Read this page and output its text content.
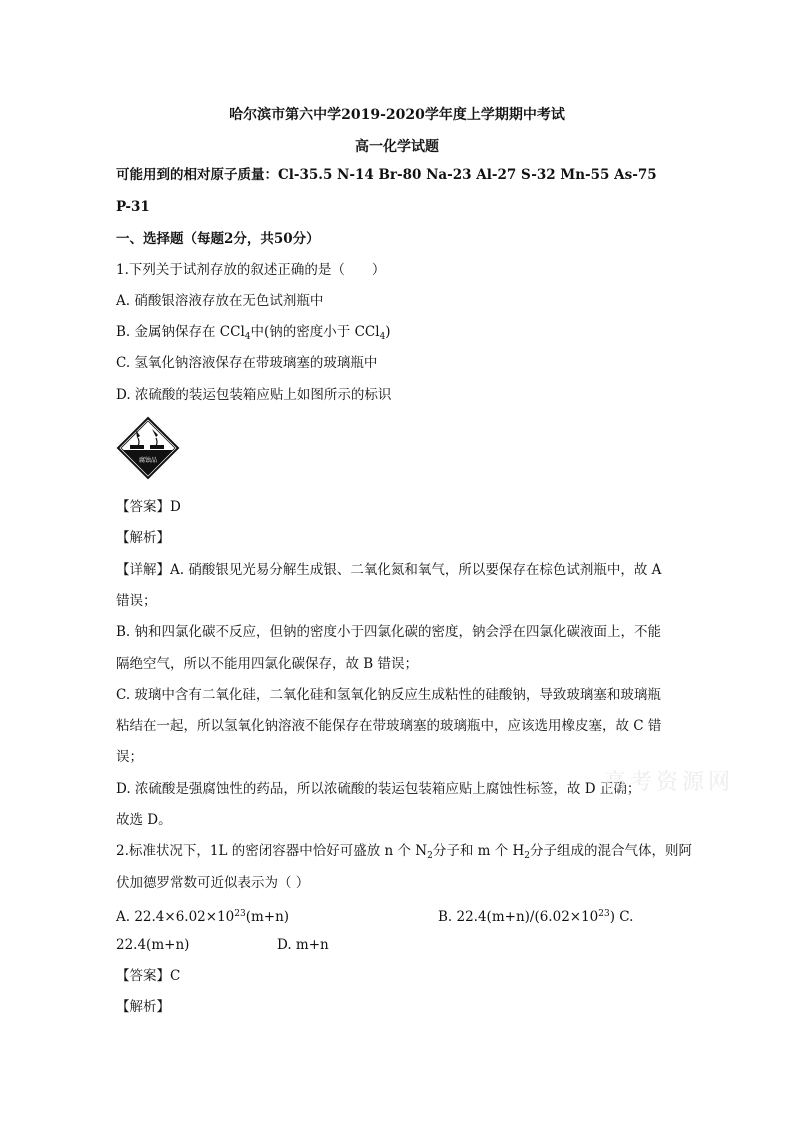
哈尔滨市第六中学2019-2020学年度上学期期中考试
高一化学试题
可能用到的相对原子质量：Cl-35.5 N-14 Br-80 Na-23 Al-27 S-32 Mn-55 As-75
P-31
一、选择题（每题2分，共50分）
1.下列关于试剂存放的叙述正确的是（　　）
A. 硝酸银溶液存放在无色试剂瓶中
B. 金属钠保存在 CCl$_4$中(钠的密度小于 CCl$_4$)
C. 氢氧化钠溶液保存在带玻璃塞的玻璃瓶中
D. 浓硫酸的装运包装箱应贴上如图所示的标识
腐蚀品
【答案】D
【解析】
【详解】A. 硝酸银见光易分解生成银、二氧化氮和氧气，所以要保存在棕色试剂瓶中，故 A
错误；
B. 钠和四氯化碳不反应，但钠的密度小于四氯化碳的密度，钠会浮在四氯化碳液面上，不能
隔绝空气，所以不能用四氯化碳保存，故 B 错误；
C. 玻璃中含有二氧化硅，二氧化硅和氢氧化钠反应生成粘性的硅酸钠，导致玻璃塞和玻璃瓶
粘结在一起，所以氢氧化钠溶液不能保存在带玻璃塞的玻璃瓶中，应该选用橡皮塞，故 C 错
误；
D. 浓硫酸是强腐蚀性的药品，所以浓硫酸的装运包装箱应贴上腐蚀性标签，故 D 正确；
故选 D。
2.标准状况下，1L 的密闭容器中恰好可盛放 n 个 $N_2$分子和 m 个 $H_2$分子组成的混合气体，则阿
伏加德罗常数可近似表示为（ ）
A. $22.4\times 6.02\times 10^{23}(m+n)$	B. $22.4(m+n)/(6.02\times 10^{23})$ C.
22.4(m+n)	D. m+n
【答案】C
【解析】
高考资源网
